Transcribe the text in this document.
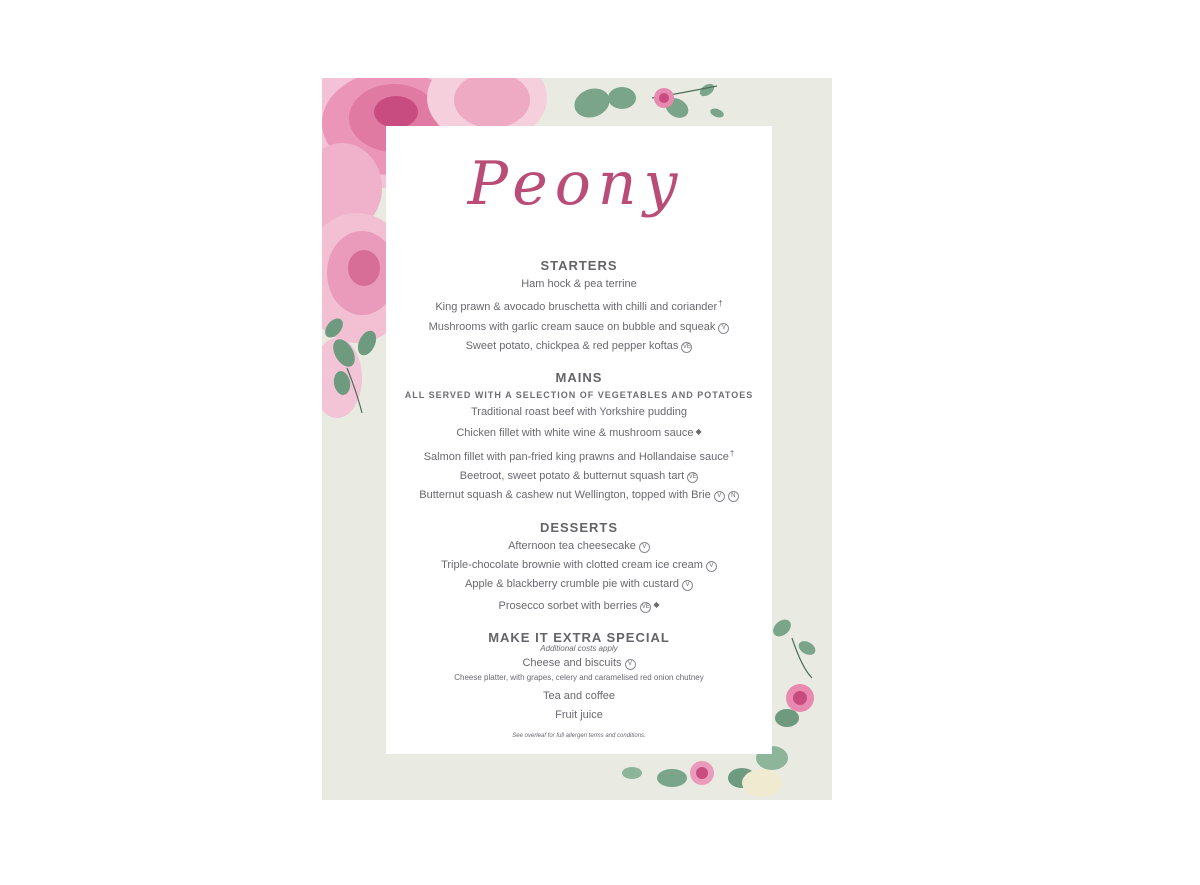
Peony
STARTERS
Ham hock & pea terrine
King prawn & avocado bruschetta with chilli and coriander†
Mushrooms with garlic cream sauce on bubble and squeak V
Sweet potato, chickpea & red pepper koftas VE
MAINS
ALL SERVED WITH A SELECTION OF VEGETABLES AND POTATOES
Traditional roast beef with Yorkshire pudding
Chicken fillet with white wine & mushroom sauce ◆
Salmon fillet with pan-fried king prawns and Hollandaise sauce†
Beetroot, sweet potato & butternut squash tart VE
Butternut squash & cashew nut Wellington, topped with Brie V N
DESSERTS
Afternoon tea cheesecake V
Triple-chocolate brownie with clotted cream ice cream V
Apple & blackberry crumble pie with custard V
Prosecco sorbet with berries VE ◆
MAKE IT EXTRA SPECIAL
Additional costs apply
Cheese and biscuits V
Cheese platter, with grapes, celery and caramelised red onion chutney
Tea and coffee
Fruit juice
See overleaf for full allergen terms and conditions.
